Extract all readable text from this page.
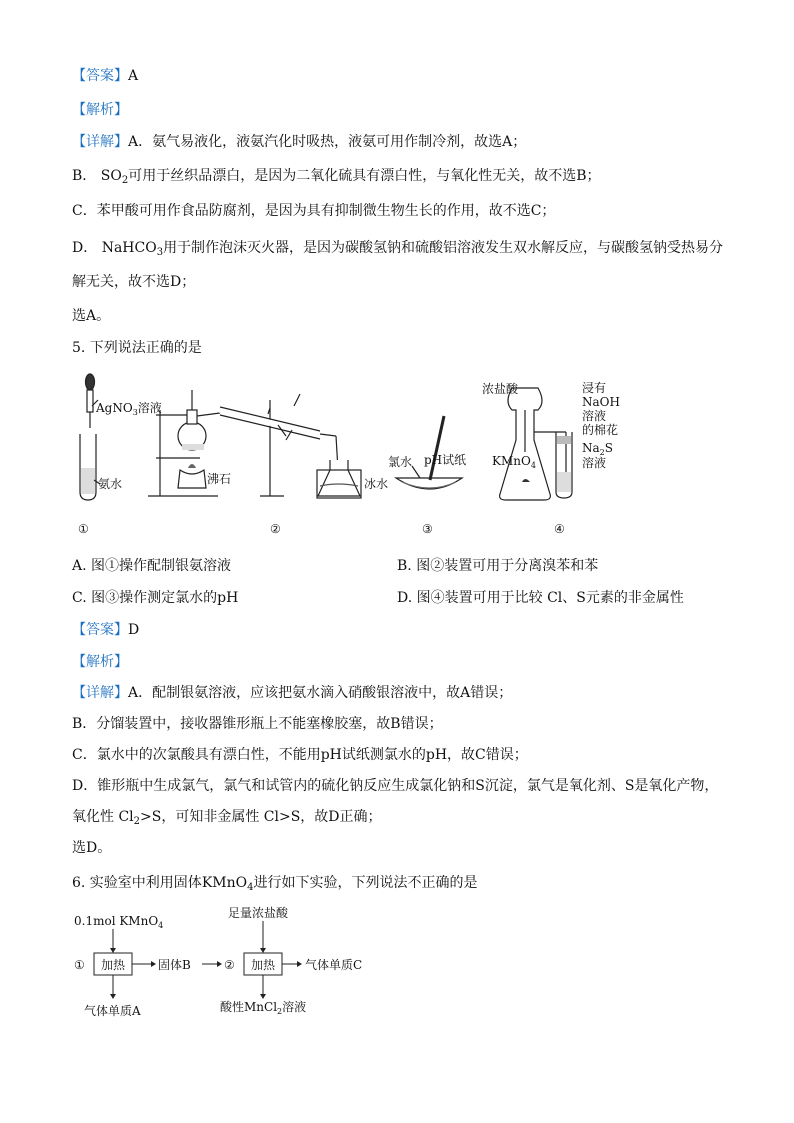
【答案】A
【解析】
【详解】A．氨气易液化，液氨汽化时吸热，液氨可用作制冷剂，故选A；
B． $SO_2$可用于丝织品漂白，是因为二氧化硫具有漂白性，与氧化性无关，故不选B；
C．苯甲酸可用作食品防腐剂，是因为具有抑制微生物生长的作用，故不选C；
D． NaHCO$_3$用于制作泡沫灭火器，是因为碳酸氢钠和硫酸铝溶液发生双水解反应，与碳酸氢钠受热易分
解无关，故不选D；
选A。
5. 下列说法正确的是
AgNO$_3$溶液
氨水	沸石	冰水
氯水 pH试纸
浓盐酸
KMnO$_4$
浸有
NaOH
溶液
的棉花
$Na_2S$
溶液
①	②	③	④
A. 图①操作配制银氨溶液	B. 图②装置可用于分离溴苯和苯
C. 图③操作测定氯水的pH	D. 图④装置可用于比较 Cl、S元素的非金属性
【答案】D
【解析】
【详解】A．配制银氨溶液，应该把氨水滴入硝酸银溶液中，故A错误；
B．分馏装置中，接收器锥形瓶上不能塞橡胶塞，故B错误；
C．氯水中的次氯酸具有漂白性，不能用pH试纸测氯水的pH，故C错误；
D．锥形瓶中生成氯气，氯气和试管内的硫化钠反应生成氯化钠和S沉淀，氯气是氧化剂、S是氧化产物，
氧化性 $Cl_2>S$，可知非金属性 Cl>S，故D正确；
选D。
6. 实验室中利用固体KMnO$_4$进行如下实验，下列说法不正确的是
0.1mol KMnO$_4$
① 加热	固体B	② 加热 气体单质C
气体单质A
足量浓盐酸
酸性MnCl$_2$溶液
